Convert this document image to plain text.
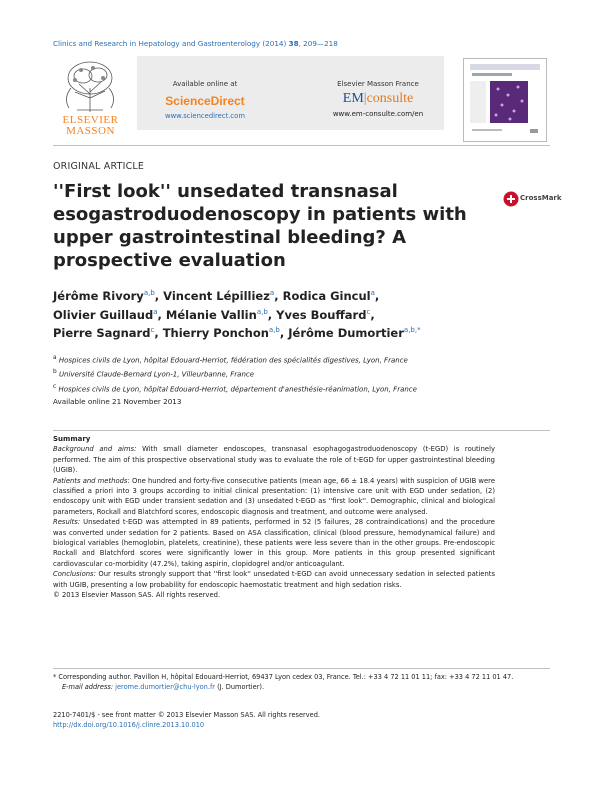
Clinics and Research in Hepatology and Gastroenterology (2014) 38, 209—218
ELSEVIER
MASSON
Available online at
ScienceDirect
www.sciencedirect.com
Elsevier Masson France
EM|consulte
www.em-consulte.com/en
ORIGINAL ARTICLE
''First look'' unsedated transnasal esogastroduodenoscopy in patients with upper gastrointestinal bleeding? A prospective evaluation
CrossMark
Jérôme Rivory$^{a,b}$, Vincent Lépilliez$^a$, Rodica Gincul$^a$,
Olivier Guillaud$^a$, Mélanie Vallin$^{a,b}$, Yves Bouffard$^c$,
Pierre Sagnard$^c$, Thierry Ponchon$^{a,b}$, Jérôme Dumortier$^{a,b,*}$
$^a$ Hospices civils de Lyon, hôpital Edouard-Herriot, fédération des spécialités digestives, Lyon, France
$^b$ Université Claude-Bernard Lyon-1, Villeurbanne, France
$^c$ Hospices civils de Lyon, hôpital Edouard-Herriot, département d'anesthésie-réanimation, Lyon, France
Available online 21 November 2013

Summary

Background and aims: With small diameter endoscopes, transnasal esophagogastroduodenoscopy (t-EGD) is routinely performed. The aim of this prospective observational study was to evaluate the role of t-EGD for upper gastrointestinal bleeding (UGIB).

Patients and methods: One hundred and forty-five consecutive patients (mean age, 66 ± 18.4 years) with suspicion of UGIB were classified a priori into 3 groups according to initial clinical presentation: (1) intensive care unit with EGD under sedation, (2) endoscopy unit with EGD under transient sedation and (3) unsedated t-EGD as ''first look''. Demographic, clinical and biological parameters, Rockall and Blatchford scores, endoscopic diagnosis and treatment, and outcome were analysed.

Results: Unsedated t-EGD was attempted in 89 patients, performed in 52 (5 failures, 28 contraindications) and the procedure was converted under sedation for 2 patients. Based on ASA classification, clinical (blood pressure, hemodynamical failure) and biological variables (hemoglobin, platelets, creatinine), these patients were less severe than in the other groups. Pre-endoscopic Rockall and Blatchford scores were significantly lower in this group. More patients in this group presented significant cardiovascular co-morbidity (47.2%), taking aspirin, clopidogrel and/or anticoagulant.

Conclusions: Our results strongly support that ''first look'' unsedated t-EGD can avoid unnecessary sedation in selected patients with UGIB, presenting a low probability for endoscopic haemostatic treatment and high sedation risks.

© 2013 Elsevier Masson SAS. All rights reserved.

* Corresponding author. Pavillon H, hôpital Edouard-Herriot, 69437 Lyon cedex 03, France. Tel.: +33 4 72 11 01 11; fax: +33 4 72 11 01 47.
E-mail address: jerome.dumortier@chu-lyon.fr (J. Dumortier).
2210-7401/$ - see front matter © 2013 Elsevier Masson SAS. All rights reserved.
http://dx.doi.org/10.1016/j.clinre.2013.10.010
